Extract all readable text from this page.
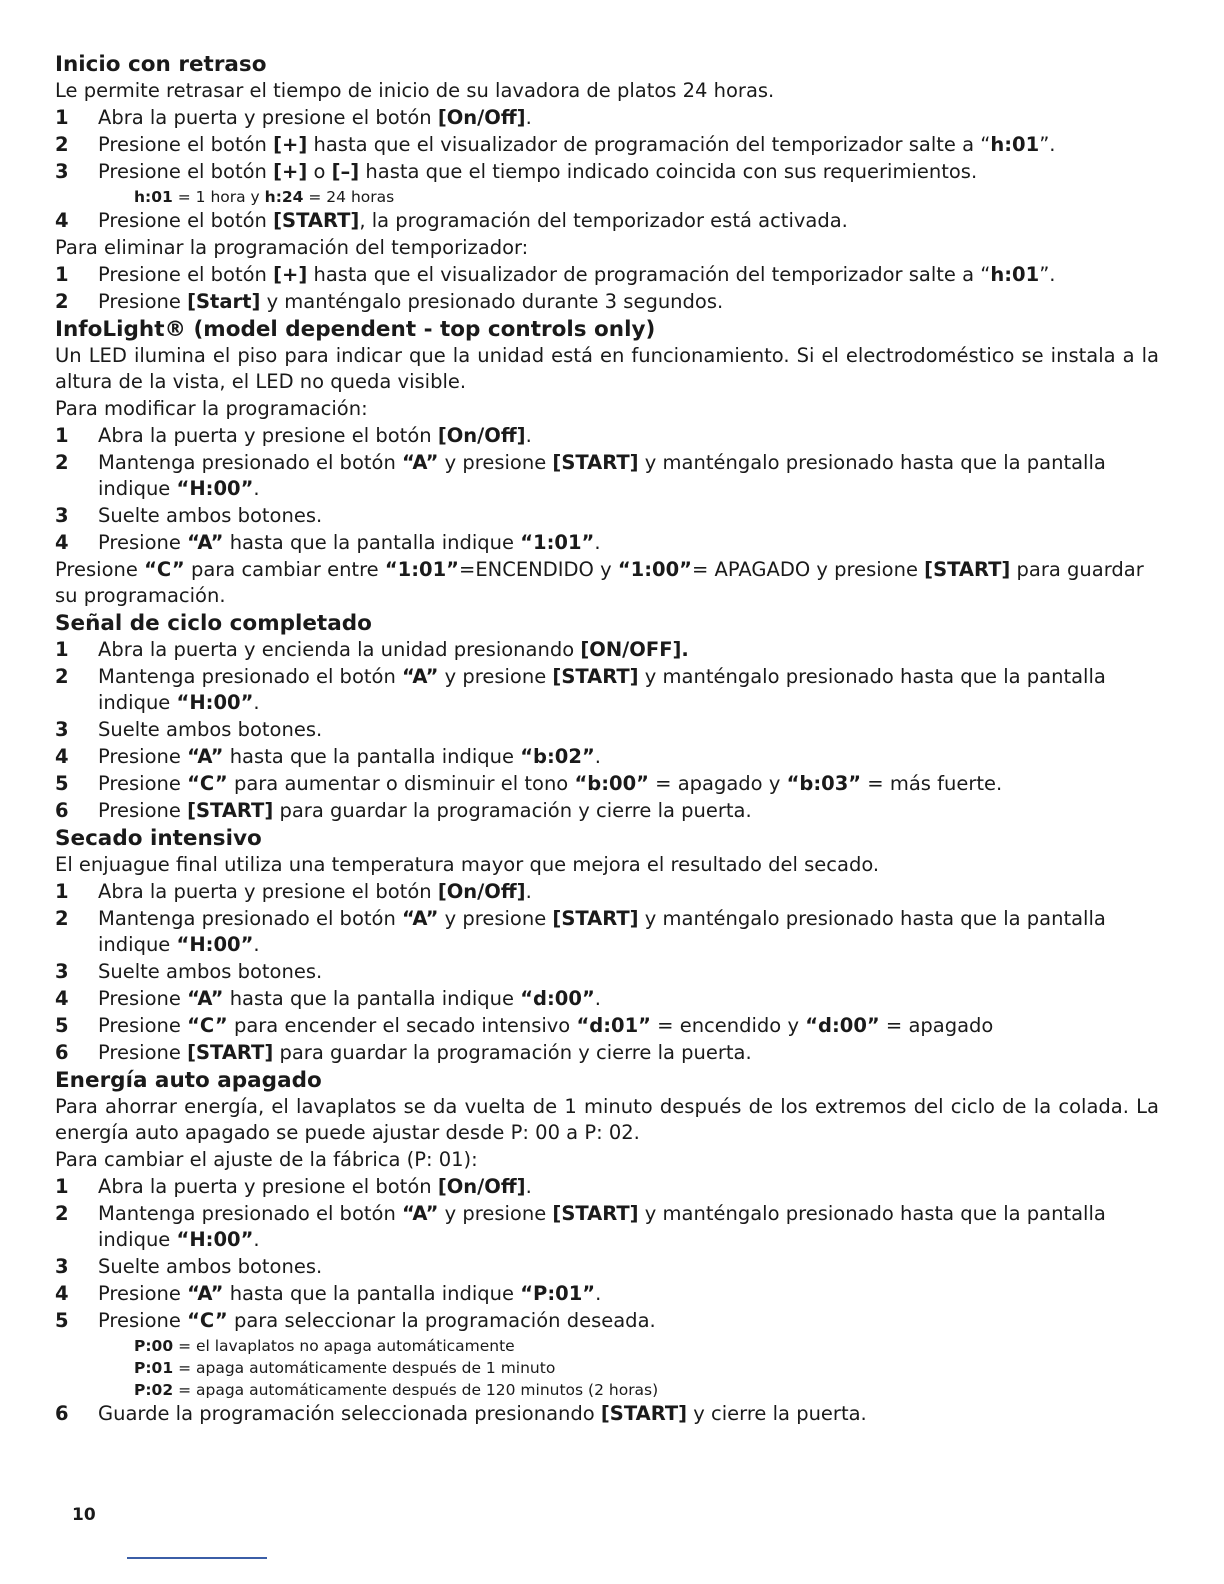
Inicio con retraso
Le permite retrasar el tiempo de inicio de su lavadora de platos 24 horas.
1	Abra la puerta y presione el botón [On/Off].
2	Presione el botón [+] hasta que el visualizador de programación del temporizador salte a “h:01”.
3	Presione el botón [+] o [–] hasta que el tiempo indicado coincida con sus requerimientos.
h:01 = 1 hora y h:24 = 24 horas
4	Presione el botón [START], la programación del temporizador está activada.
Para eliminar la programación del temporizador:
1	Presione el botón [+] hasta que el visualizador de programación del temporizador salte a “h:01”.
2	Presione [Start] y manténgalo presionado durante 3 segundos.
InfoLight® (model dependent - top controls only)
Un LED ilumina el piso para indicar que la unidad está en funcionamiento. Si el electrodoméstico se instala a la altura de la vista, el LED no queda visible.
Para modificar la programación:
1	Abra la puerta y presione el botón [On/Off].
2	Mantenga presionado el botón “A” y presione [START] y manténgalo presionado hasta que la pantalla indique “H:00”.
3	Suelte ambos botones.
4	Presione “A” hasta que la pantalla indique “1:01”.
Presione “C” para cambiar entre “1:01”=ENCENDIDO y “1:00”= APAGADO y presione [START] para guardar su programación.
Señal de ciclo completado
1	Abra la puerta y encienda la unidad presionando [ON/OFF].
2	Mantenga presionado el botón “A” y presione [START] y manténgalo presionado hasta que la pantalla indique “H:00”.
3	Suelte ambos botones.
4	Presione “A” hasta que la pantalla indique “b:02”.
5	Presione “C” para aumentar o disminuir el tono “b:00” = apagado y “b:03” = más fuerte.
6	Presione [START] para guardar la programación y cierre la puerta.
Secado intensivo
El enjuague final utiliza una temperatura mayor que mejora el resultado del secado.
1	Abra la puerta y presione el botón [On/Off].
2	Mantenga presionado el botón “A” y presione [START] y manténgalo presionado hasta que la pantalla indique “H:00”.
3	Suelte ambos botones.
4	Presione “A” hasta que la pantalla indique “d:00”.
5	Presione “C” para encender el secado intensivo “d:01” = encendido y “d:00” = apagado
6	Presione [START] para guardar la programación y cierre la puerta.
Energía auto apagado
Para ahorrar energía, el lavaplatos se da vuelta de 1 minuto después de los extremos del ciclo de la colada. La energía auto apagado se puede ajustar desde P: 00 a P: 02.
Para cambiar el ajuste de la fábrica (P: 01):
1	Abra la puerta y presione el botón [On/Off].
2	Mantenga presionado el botón “A” y presione [START] y manténgalo presionado hasta que la pantalla indique “H:00”.
3	Suelte ambos botones.
4	Presione “A” hasta que la pantalla indique “P:01”.
5	Presione “C” para seleccionar la programación deseada.
P:00 = el lavaplatos no apaga automáticamente
P:01 = apaga automáticamente después de 1 minuto
P:02 = apaga automáticamente después de 120 minutos (2 horas)
6	Guarde la programación seleccionada presionando [START] y cierre la puerta.
10
